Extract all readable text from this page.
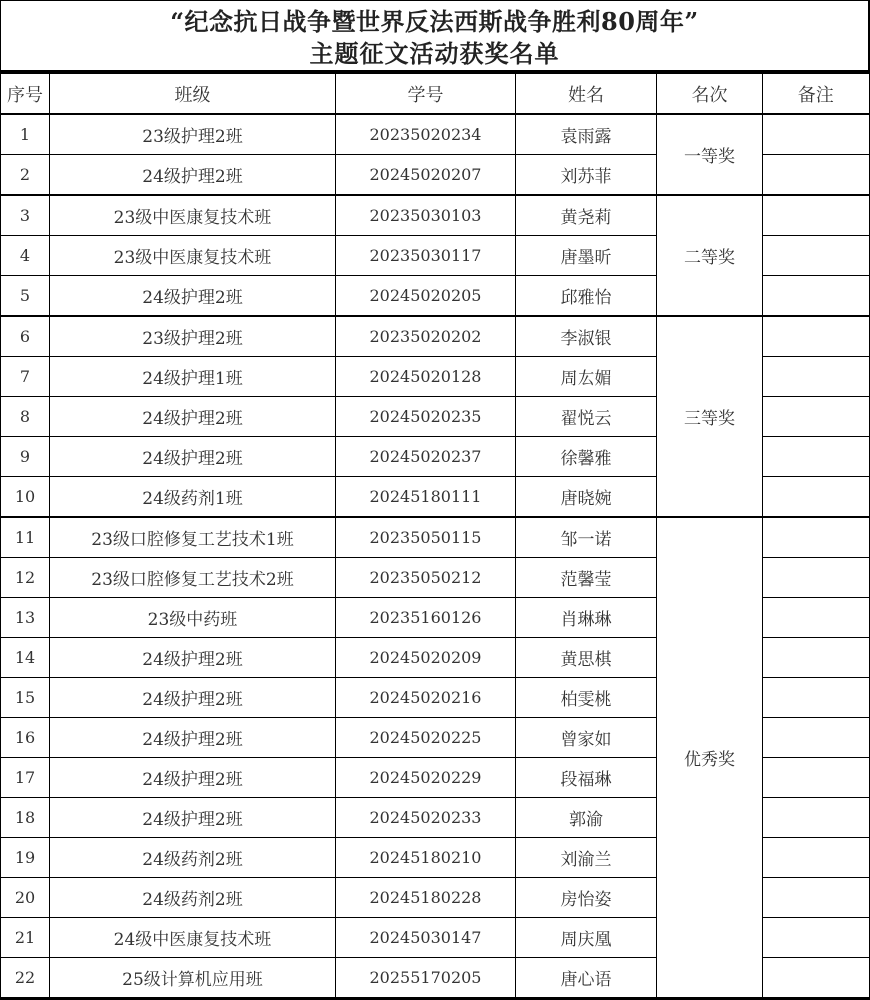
“纪念抗日战争暨世界反法西斯战争胜利80周年”
主题征文活动获奖名单
序号	班级	学号	姓名	名次	备注
1	23级护理2班	20235020234	袁雨露	一等奖	
2	24级护理2班	20245020207	刘苏菲		
3	23级中医康复技术班	20235030103	黄尧莉	二等奖	
4	23级中医康复技术班	20235030117	唐墨昕		
5	24级护理2班	20245020205	邱雅怡		
6	23级护理2班	20235020202	李淑银	三等奖	
7	24级护理1班	20245020128	周厷媚		
8	24级护理2班	20245020235	翟悦云		
9	24级护理2班	20245020237	徐馨雅		
10	24级药剂1班	20245180111	唐晓婉		
11	23级口腔修复工艺技术1班	20235050115	邹一诺	优秀奖	
12	23级口腔修复工艺技术2班	20235050212	范馨莹		
13	23级中药班	20235160126	肖琳琳		
14	24级护理2班	20245020209	黄思棋		
15	24级护理2班	20245020216	柏雯桃		
16	24级护理2班	20245020225	曾家如		
17	24级护理2班	20245020229	段福琳		
18	24级护理2班	20245020233	郭渝		
19	24级药剂2班	20245180210	刘渝兰		
20	24级药剂2班	20245180228	房怡姿		
21	24级中医康复技术班	20245030147	周庆凰		
22	25级计算机应用班	20255170205	唐心语		
